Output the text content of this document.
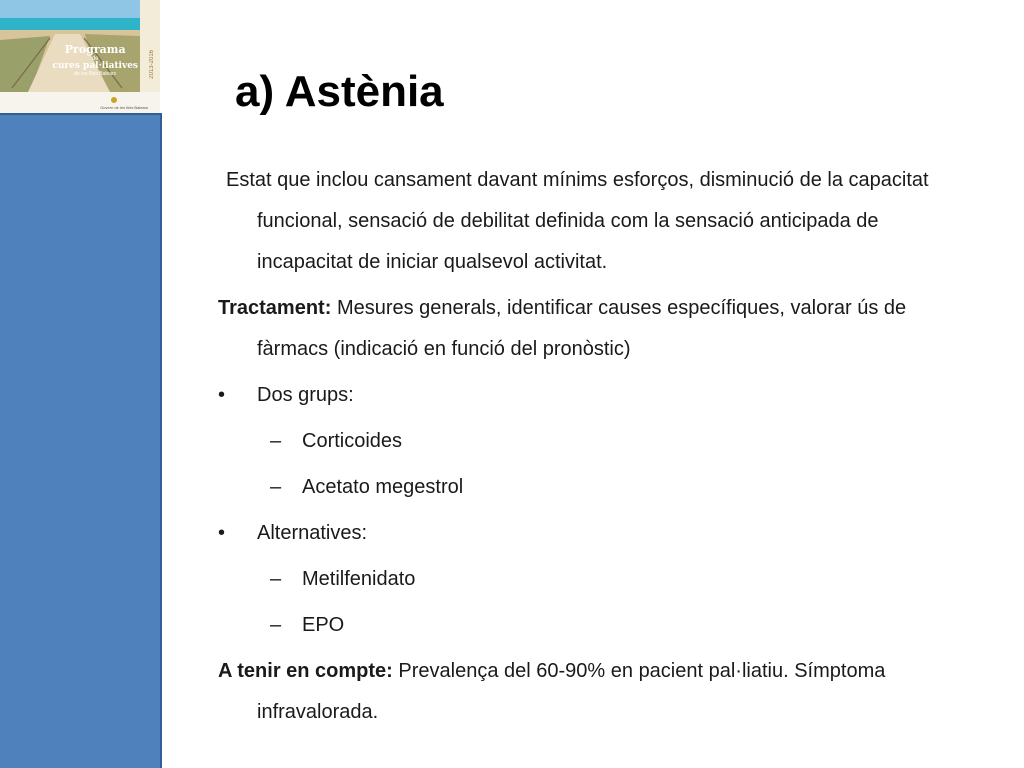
Programa
de
cures pal·liatives
de les Illes Balears	2013-2016
Govern de les Illes Balears a) Astènia
Estat que inclou cansament davant mínims esforços, disminució de la capacitat funcional, sensació de debilitat definida com la sensació anticipada de incapacitat de iniciar qualsevol activitat.
Tractament: Mesures generals, identificar causes específiques, valorar ús de fàrmacs (indicació en funció del pronòstic)
• Dos grups:
– Corticoides
– Acetato megestrol
• Alternatives:
– Metilfenidato
– EPO
A tenir en compte: Prevalença del 60-90% en pacient pal·liatiu. Símptoma infravalorada.
